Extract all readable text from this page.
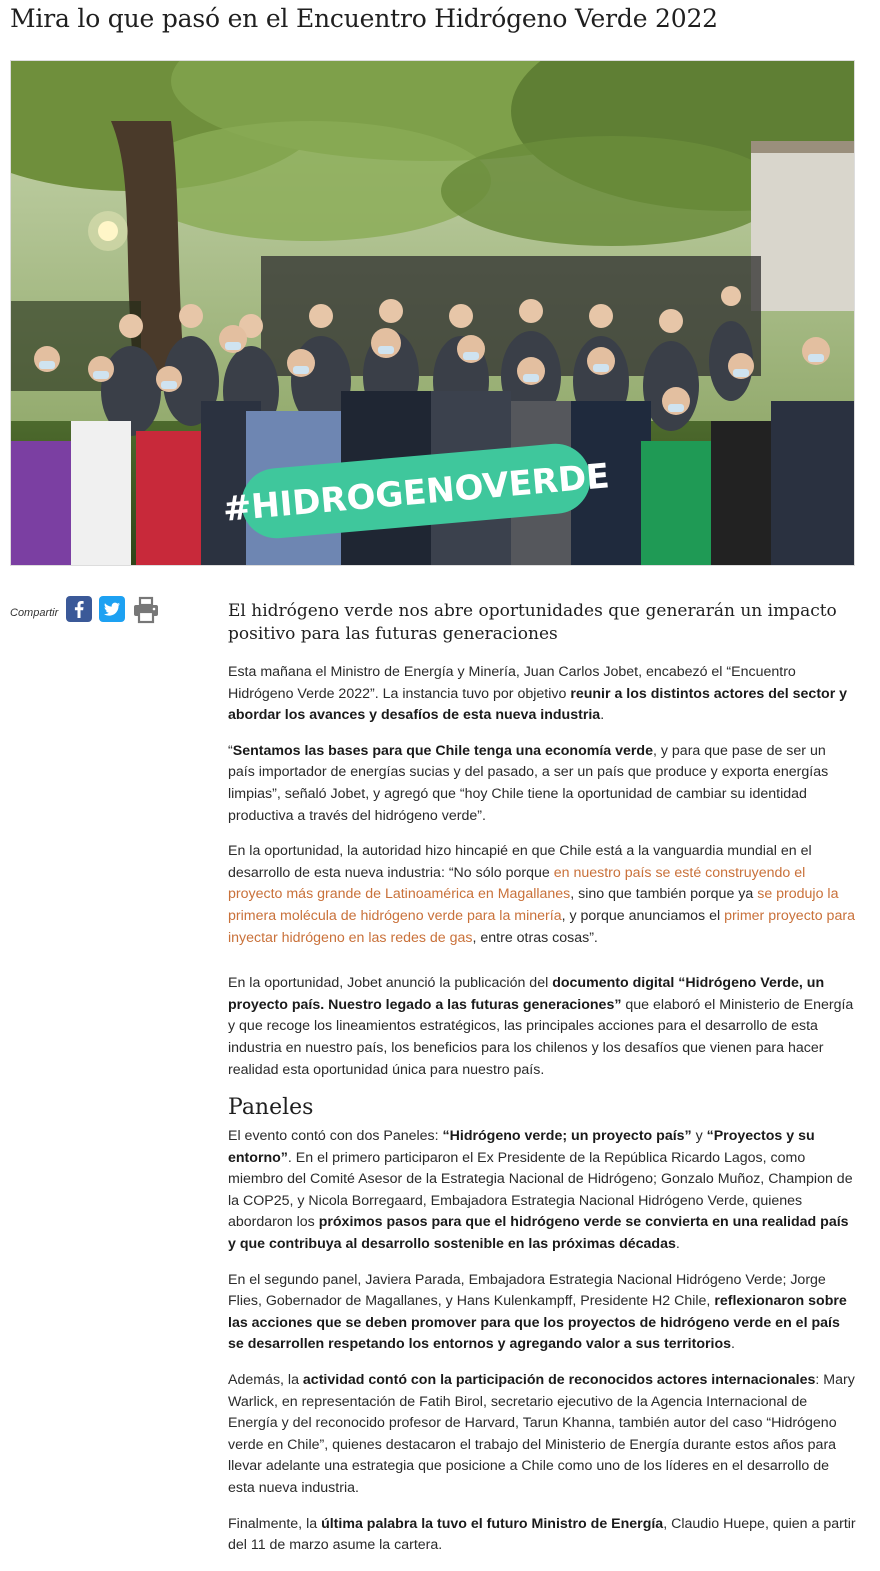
Mira lo que pasó en el Encuentro Hidrógeno Verde 2022
#HIDROGENOVERDE
Compartir	El hidrógeno verde nos abre oportunidades que generarán un impacto positivo para las futuras generaciones

Esta mañana el Ministro de Energía y Minería, Juan Carlos Jobet, encabezó el “Encuentro Hidrógeno Verde 2022”. La instancia tuvo por objetivo reunir a los distintos actores del sector y abordar los avances y desafíos de esta nueva industria.

“Sentamos las bases para que Chile tenga una economía verde, y para que pase de ser un país importador de energías sucias y del pasado, a ser un país que produce y exporta energías limpias”, señaló Jobet, y agregó que “hoy Chile tiene la oportunidad de cambiar su identidad productiva a través del hidrógeno verde”.

En la oportunidad, la autoridad hizo hincapié en que Chile está a la vanguardia mundial en el desarrollo de esta nueva industria: “No sólo porque en nuestro país se esté construyendo el proyecto más grande de Latinoamérica en Magallanes, sino que también porque ya se produjo la primera molécula de hidrógeno verde para la minería, y porque anunciamos el primer proyecto para inyectar hidrógeno en las redes de gas, entre otras cosas”.

En la oportunidad, Jobet anunció la publicación del documento digital “Hidrógeno Verde, un proyecto país. Nuestro legado a las futuras generaciones” que elaboró el Ministerio de Energía y que recoge los lineamientos estratégicos, las principales acciones para el desarrollo de esta industria en nuestro país, los beneficios para los chilenos y los desafíos que vienen para hacer realidad esta oportunidad única para nuestro país.

Paneles

El evento contó con dos Paneles: “Hidrógeno verde; un proyecto país” y “Proyectos y su entorno”. En el primero participaron el Ex Presidente de la República Ricardo Lagos, como miembro del Comité Asesor de la Estrategia Nacional de Hidrógeno; Gonzalo Muñoz, Champion de la COP25, y Nicola Borregaard, Embajadora Estrategia Nacional Hidrógeno Verde, quienes abordaron los próximos pasos para que el hidrógeno verde se convierta en una realidad país y que contribuya al desarrollo sostenible en las próximas décadas.

En el segundo panel, Javiera Parada, Embajadora Estrategia Nacional Hidrógeno Verde; Jorge Flies, Gobernador de Magallanes, y Hans Kulenkampff, Presidente H2 Chile, reflexionaron sobre las acciones que se deben promover para que los proyectos de hidrógeno verde en el país se desarrollen respetando los entornos y agregando valor a sus territorios.

Además, la actividad contó con la participación de reconocidos actores internacionales: Mary Warlick, en representación de Fatih Birol, secretario ejecutivo de la Agencia Internacional de Energía y del reconocido profesor de Harvard, Tarun Khanna, también autor del caso “Hidrógeno verde en Chile”, quienes destacaron el trabajo del Ministerio de Energía durante estos años para llevar adelante una estrategia que posicione a Chile como uno de los líderes en el desarrollo de esta nueva industria.

Finalmente, la última palabra la tuvo el futuro Ministro de Energía, Claudio Huepe, quien a partir del 11 de marzo asume la cartera.
